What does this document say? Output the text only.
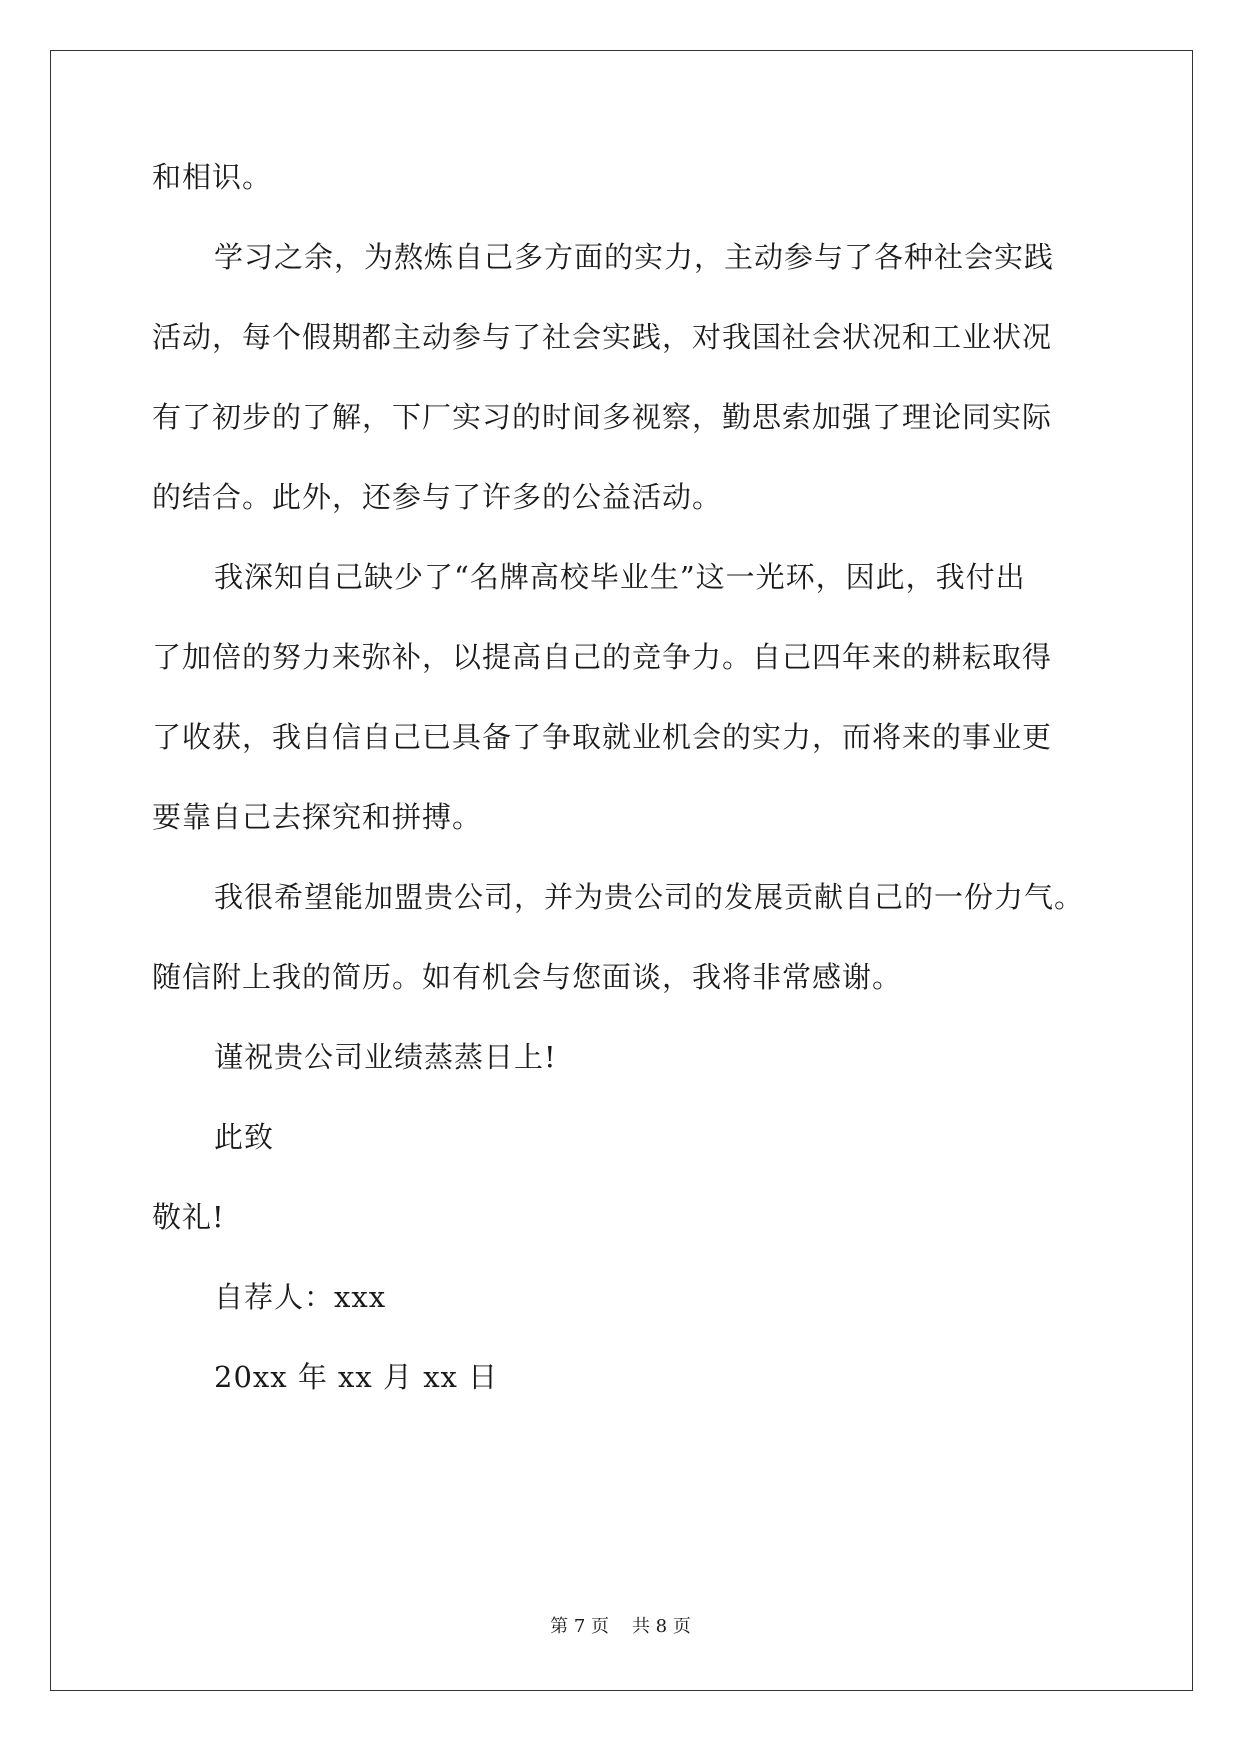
和相识。
学习之余，为熬炼自己多方面的实力，主动参与了各种社会实践
活动，每个假期都主动参与了社会实践，对我国社会状况和工业状况
有了初步的了解，下厂实习的时间多视察，勤思索加强了理论同实际
的结合。此外，还参与了许多的公益活动。
我深知自己缺少了“名牌高校毕业生”这一光环，因此，我付出
了加倍的努力来弥补，以提高自己的竞争力。自己四年来的耕耘取得
了收获，我自信自己已具备了争取就业机会的实力，而将来的事业更
要靠自己去探究和拼搏。
我很希望能加盟贵公司，并为贵公司的发展贡献自己的一份力气。
随信附上我的简历。如有机会与您面谈，我将非常感谢。
谨祝贵公司业绩蒸蒸日上!
此致
敬礼!
自荐人：xxx
20xx 年 xx 月 xx 日
第 7 页    共 8 页
